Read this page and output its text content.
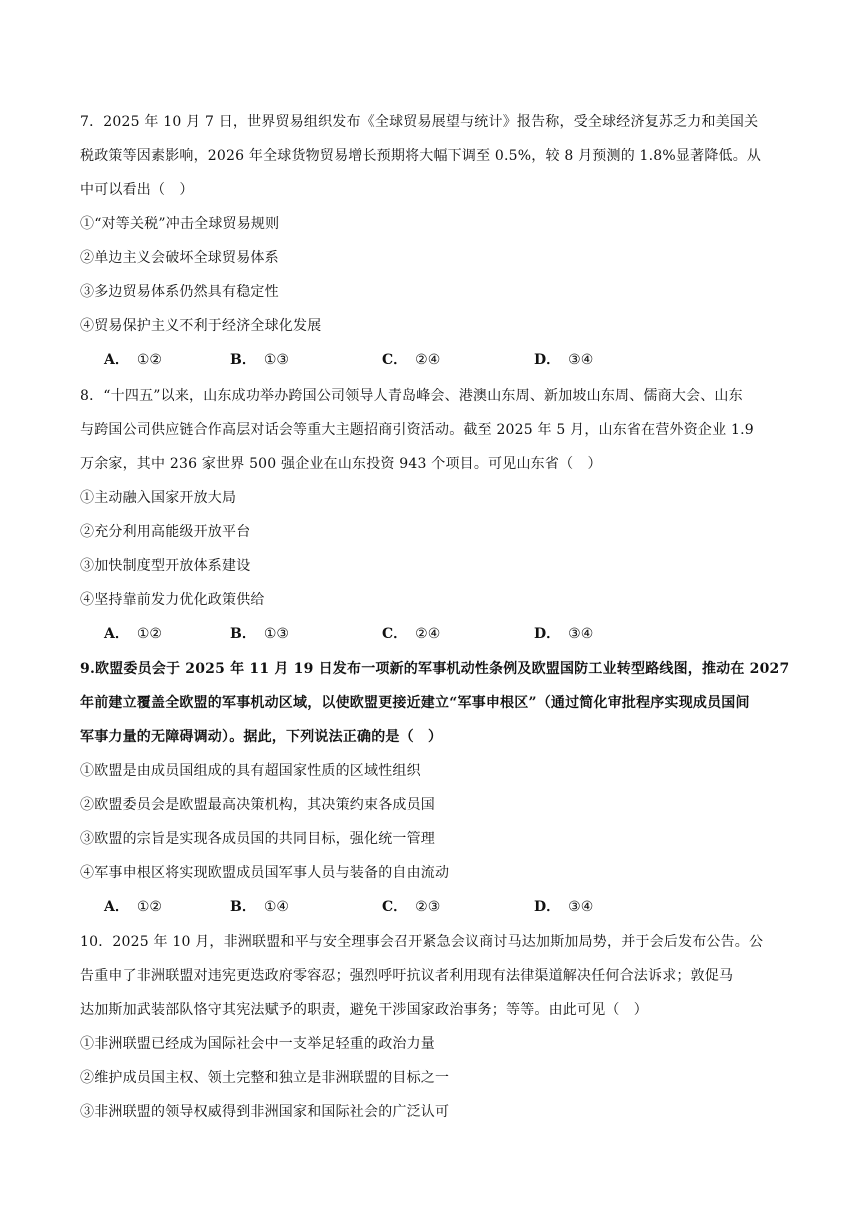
7．2025 年 10 月 7 日，世界贸易组织发布《全球贸易展望与统计》报告称，受全球经济复苏乏力和美国关
税政策等因素影响，2026 年全球货物贸易增长预期将大幅下调至 0.5%，较 8 月预测的 1.8%显著降低。从
中可以看出（　）
①“对等关税”冲击全球贸易规则
②单边主义会破坏全球贸易体系
③多边贸易体系仍然具有稳定性
④贸易保护主义不利于经济全球化发展
A． ①②	B． ①③	C． ②④	D． ③④
8．“十四五”以来，山东成功举办跨国公司领导人青岛峰会、港澳山东周、新加坡山东周、儒商大会、山东
与跨国公司供应链合作高层对话会等重大主题招商引资活动。截至 2025 年 5 月，山东省在营外资企业 1.9
万余家，其中 236 家世界 500 强企业在山东投资 943 个项目。可见山东省（　）
①主动融入国家开放大局
②充分利用高能级开放平台
③加快制度型开放体系建设
④坚持靠前发力优化政策供给
A． ①②	B． ①③	C． ②④	D． ③④
9.欧盟委员会于 2025 年 11 月 19 日发布一项新的军事机动性条例及欧盟国防工业转型路线图，推动在 2027
年前建立覆盖全欧盟的军事机动区域，以使欧盟更接近建立“军事申根区”（通过简化审批程序实现成员国间
军事力量的无障碍调动）。据此，下列说法正确的是（　）
①欧盟是由成员国组成的具有超国家性质的区域性组织
②欧盟委员会是欧盟最高决策机构，其决策约束各成员国
③欧盟的宗旨是实现各成员国的共同目标，强化统一管理
④军事申根区将实现欧盟成员国军事人员与装备的自由流动
A． ①②	B． ①④	C． ②③	D． ③④
10．2025 年 10 月，非洲联盟和平与安全理事会召开紧急会议商讨马达加斯加局势，并于会后发布公告。公
告重申了非洲联盟对违宪更迭政府零容忍；强烈呼吁抗议者利用现有法律渠道解决任何合法诉求；敦促马
达加斯加武装部队恪守其宪法赋予的职责，避免干涉国家政治事务；等等。由此可见（　）
①非洲联盟已经成为国际社会中一支举足轻重的政治力量
②维护成员国主权、领土完整和独立是非洲联盟的目标之一
③非洲联盟的领导权威得到非洲国家和国际社会的广泛认可
